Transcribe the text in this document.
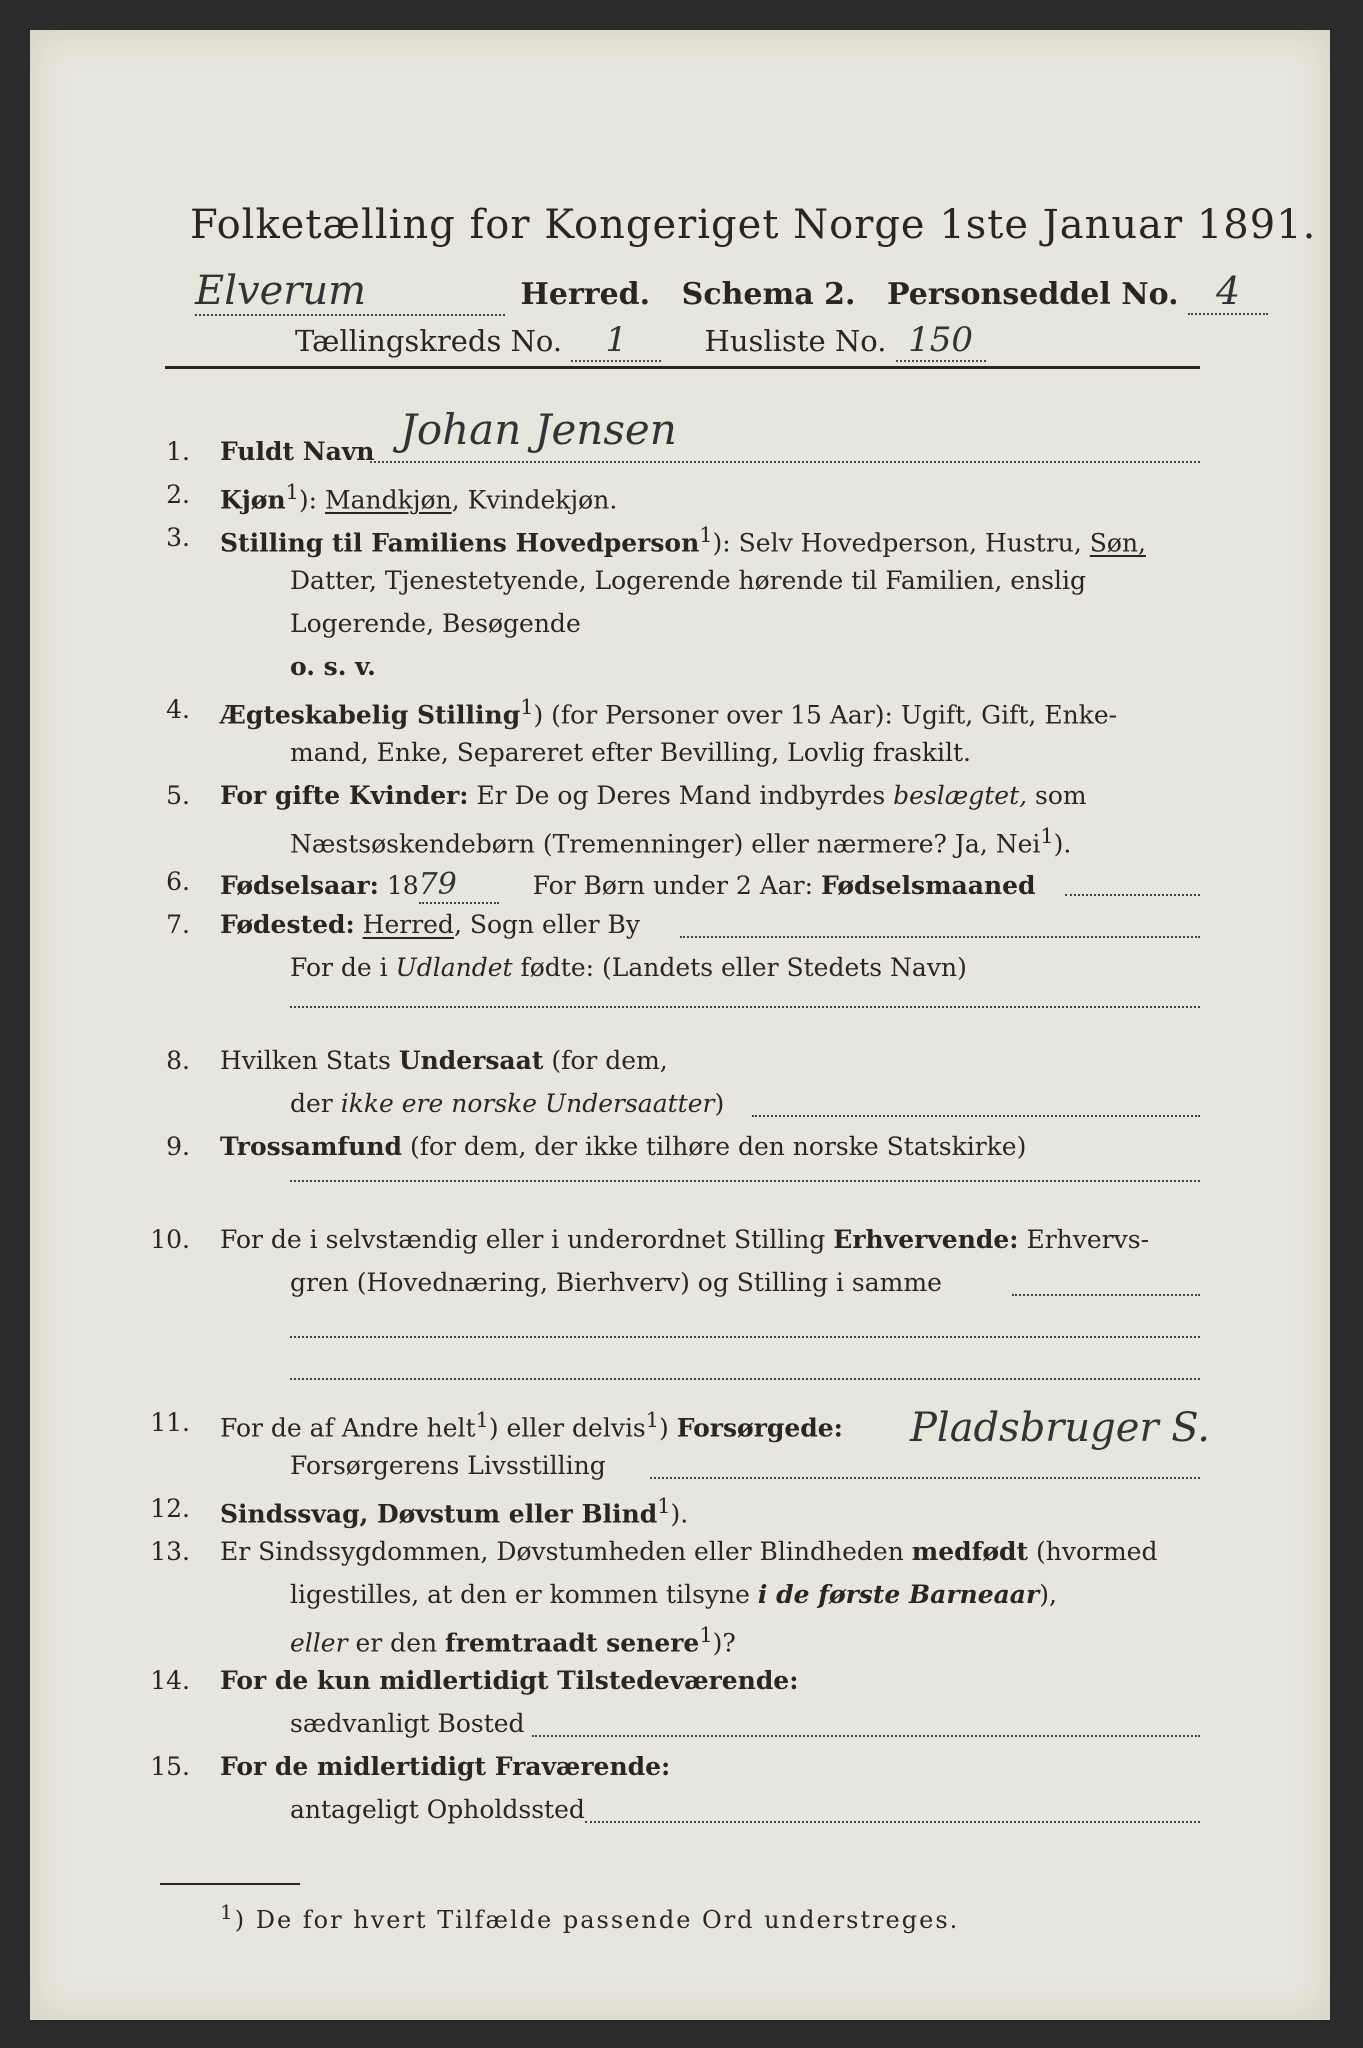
Folketælling for Kongeriget Norge 1ste Januar 1891.
Elverum	Herred. Schema 2. Personseddel No. 4
Tællingskreds No. 1	Husliste No. 150
1. Fuldt Navn Johan Jensen
2. Kjøn$^1$): Mandkjøn, Kvindekjøn.
3. Stilling til Familiens Hovedperson$^1$): Selv Hovedperson, Hustru, Søn,
Datter, Tjenestetyende, Logerende hørende til Familien, enslig
Logerende, Besøgende
o. s. v.
4. Ægteskabelig Stilling$^1$) (for Personer over 15 Aar): Ugift, Gift, Enke-
mand, Enke, Separeret efter Bevilling, Lovlig fraskilt.
5. For gifte Kvinder: Er De og Deres Mand indbyrdes beslægtet, som
Næstsøskendebørn (Tremenninger) eller nærmere? Ja, Nei$^1$).
6. Fødselsaar: 1879	For Børn under 2 Aar: Fødselsmaaned
7. Fødested: Herred, Sogn eller By
For de i Udlandet fødte: (Landets eller Stedets Navn)
8. Hvilken Stats Undersaat (for dem,
der ikke ere norske Undersaatter)
9. Trossamfund (for dem, der ikke tilhøre den norske Statskirke)
10. For de i selvstændig eller i underordnet Stilling Erhvervende: Erhvervs-
gren (Hovednæring, Bierhverv) og Stilling i samme
11. For de af Andre helt$^1$) eller delvis$^1$) Forsørgede:
Forsørgerens Livsstilling
Pladsbruger S.
12. Sindssvag, Døvstum eller Blind$^1$).
13. Er Sindssygdommen, Døvstumheden eller Blindheden medfødt (hvormed
ligestilles, at den er kommen tilsyne i de første Barneaar),
eller er den fremtraadt senere$^1$)?
14. For de kun midlertidigt Tilstedeværende:
sædvanligt Bosted
15. For de midlertidigt Fraværende:
antageligt Opholdssted
$^1$) De for hvert Tilfælde passende Ord understreges.
